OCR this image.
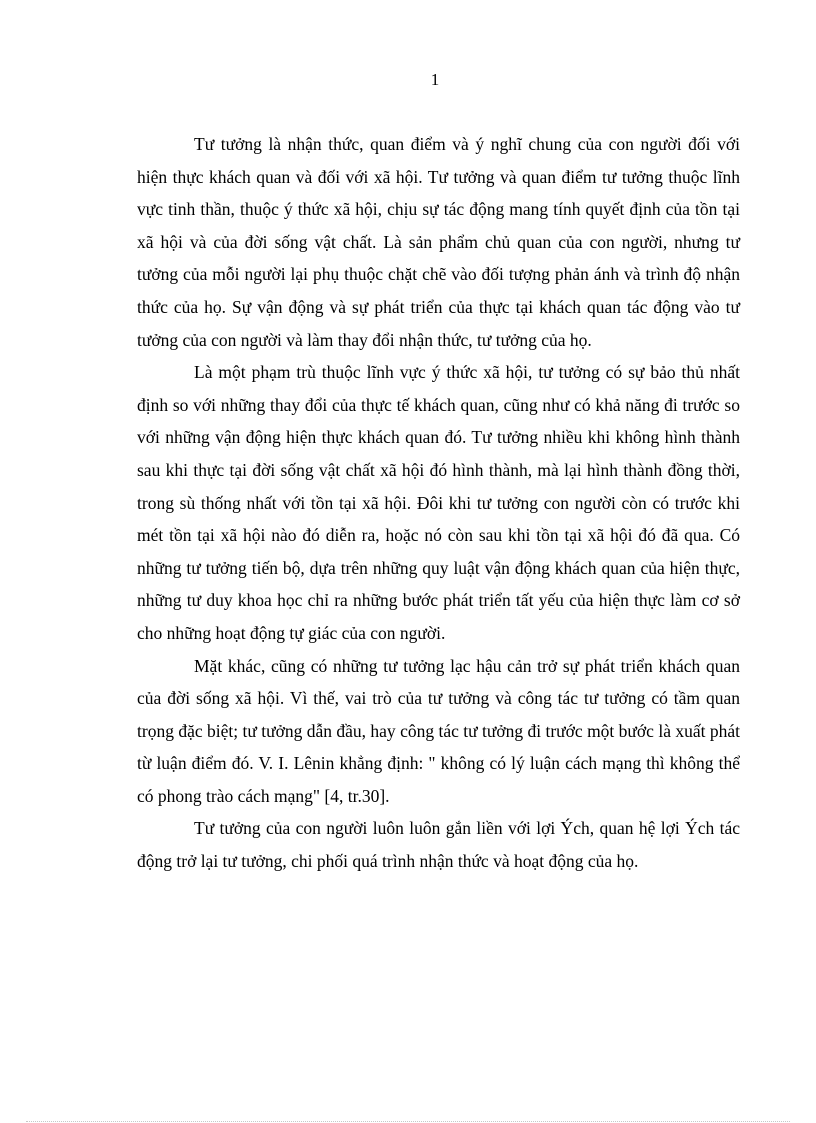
1

Tư tưởng là nhận thức, quan điểm và ý nghĩ chung của con người đối với hiện thực khách quan và đối với xã hội. Tư tưởng và quan điểm tư tưởng thuộc lĩnh vực tinh thần, thuộc ý thức xã hội, chịu sự tác động mang tính quyết định của tồn tại xã hội và của đời sống vật chất. Là sản phẩm chủ quan của con người, nhưng tư tưởng của mỗi người lại phụ thuộc chặt chẽ vào đối tượng phản ánh và trình độ nhận thức của họ. Sự vận động và sự phát triển của thực tại khách quan tác động vào tư tưởng của con người và làm thay đổi nhận thức, tư tưởng của họ.

Là một phạm trù thuộc lĩnh vực ý thức xã hội, tư tưởng có sự bảo thủ nhất định so với những thay đổi của thực tế khách quan, cũng như có khả năng đi trước so với những vận động hiện thực khách quan đó. Tư tưởng nhiều khi không hình thành sau khi thực tại đời sống vật chất xã hội đó hình thành, mà lại hình thành đồng thời, trong sù thống nhất với tồn tại xã hội. Đôi khi tư tưởng con người còn có trước khi mét tồn tại xã hội nào đó diễn ra, hoặc nó còn sau khi tồn tại xã hội đó đã qua. Có những tư tưởng tiến bộ, dựa trên những quy luật vận động khách quan của hiện thực, những tư duy khoa học chỉ ra những bước phát triển tất yếu của hiện thực làm cơ sở cho những hoạt động tự giác của con người.

Mặt khác, cũng có những tư tưởng lạc hậu cản trở sự phát triển khách quan của đời sống xã hội. Vì thế, vai trò của tư tưởng và công tác tư tưởng có tầm quan trọng đặc biệt; tư tưởng dẫn đầu, hay công tác tư tưởng đi trước một bước là xuất phát từ luận điểm đó. V. I. Lênin khẳng định: " không có lý luận cách mạng thì không thể có phong trào cách mạng" [4, tr.30].

Tư tưởng của con người luôn luôn gắn liền với lợi Ých, quan hệ lợi Ých tác động trở lại tư tưởng, chi phối quá trình nhận thức và hoạt động của họ.
